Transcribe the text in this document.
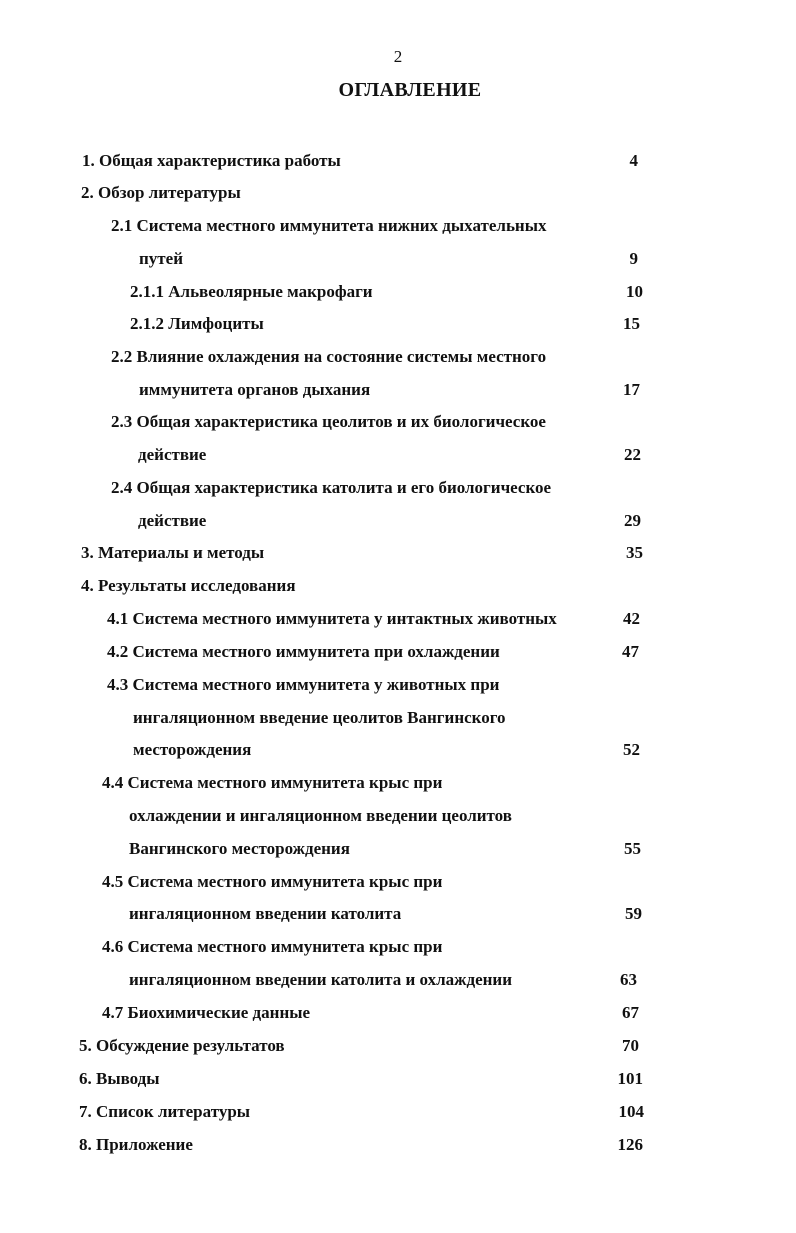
2
ОГЛАВЛЕНИЕ
1. Общая характеристика работы	4
2. Обзор литературы
2.1 Система местного иммунитета нижних дыхательных
путей	9
2.1.1 Альвеолярные макрофаги	10
2.1.2 Лимфоциты	15
2.2 Влияние охлаждения на состояние системы местного
иммунитета органов дыхания	17
2.3 Общая характеристика цеолитов и их биологическое
действие	22
2.4 Общая характеристика католита и его биологическое
действие	29
3. Материалы и методы	35
4. Результаты исследования
4.1 Система местного иммунитета у интактных животных	42
4.2 Система местного иммунитета при охлаждении	47
4.3 Система местного иммунитета у животных при
ингаляционном введение цеолитов Вангинского
месторождения	52
4.4 Система местного иммунитета крыс при
охлаждении и ингаляционном введении цеолитов
Вангинского месторождения	55
4.5 Система местного иммунитета крыс при
ингаляционном введении католита	59
4.6 Система местного иммунитета крыс при
ингаляционном введении католита и охлаждении	63
4.7 Биохимические данные	67
5. Обсуждение результатов	70
6. Выводы	101
7. Список литературы	104
8. Приложение	126
